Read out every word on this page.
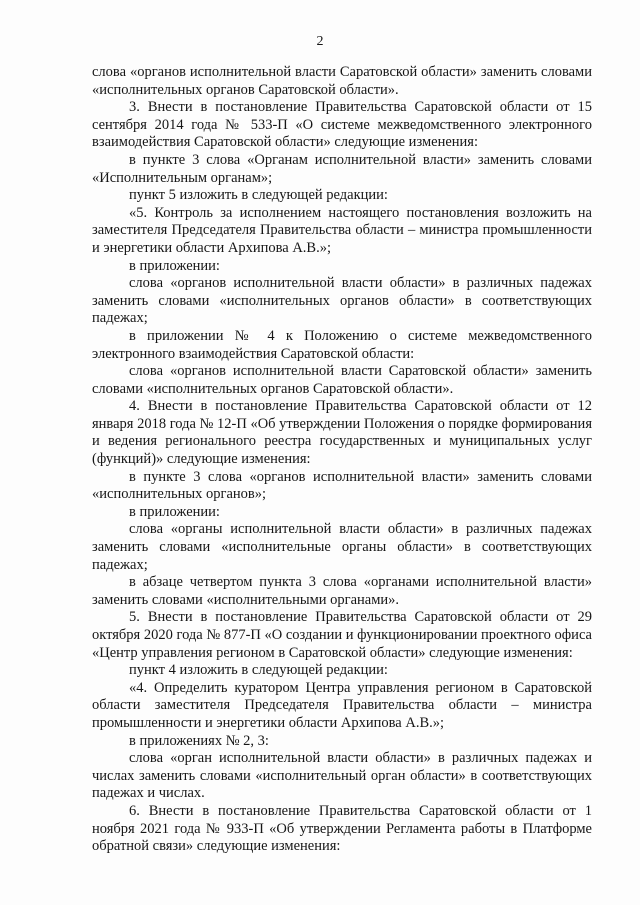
2

слова «органов исполнительной власти Саратовской области» заменить словами «исполнительных органов Саратовской области».

3. Внести в постановление Правительства Саратовской области от 15 сентября 2014 года № 533-П «О системе межведомственного электронного взаимодействия Саратовской области» следующие изменения:

в пункте 3 слова «Органам исполнительной власти» заменить словами «Исполнительным органам»;

пункт 5 изложить в следующей редакции:

«5. Контроль за исполнением настоящего постановления возложить на заместителя Председателя Правительства области – министра промышленности и энергетики области Архипова А.В.»;

в приложении:

слова «органов исполнительной власти области» в различных падежах заменить словами «исполнительных органов области» в соответствующих падежах;

в приложении № 4 к Положению о системе межведомственного электронного взаимодействия Саратовской области:

слова «органов исполнительной власти Саратовской области» заменить словами «исполнительных органов Саратовской области».

4. Внести в постановление Правительства Саратовской области от 12 января 2018 года № 12-П «Об утверждении Положения о порядке формирования и ведения регионального реестра государственных и муниципальных услуг (функций)» следующие изменения:

в пункте 3 слова «органов исполнительной власти» заменить словами «исполнительных органов»;

в приложении:

слова «органы исполнительной власти области» в различных падежах заменить словами «исполнительные органы области» в соответствующих падежах;

в абзаце четвертом пункта 3 слова «органами исполнительной власти» заменить словами «исполнительными органами».

5. Внести в постановление Правительства Саратовской области от 29 октября 2020 года № 877-П «О создании и функционировании проектного офиса «Центр управления регионом в Саратовской области» следующие изменения:

пункт 4 изложить в следующей редакции:

«4. Определить куратором Центра управления регионом в Саратовской области заместителя Председателя Правительства области – министра промышленности и энергетики области Архипова А.В.»;

в приложениях № 2, 3:

слова «орган исполнительной власти области» в различных падежах и числах заменить словами «исполнительный орган области» в соответствующих падежах и числах.

6. Внести в постановление Правительства Саратовской области от 1 ноября 2021 года № 933-П «Об утверждении Регламента работы в Платформе обратной связи» следующие изменения:
